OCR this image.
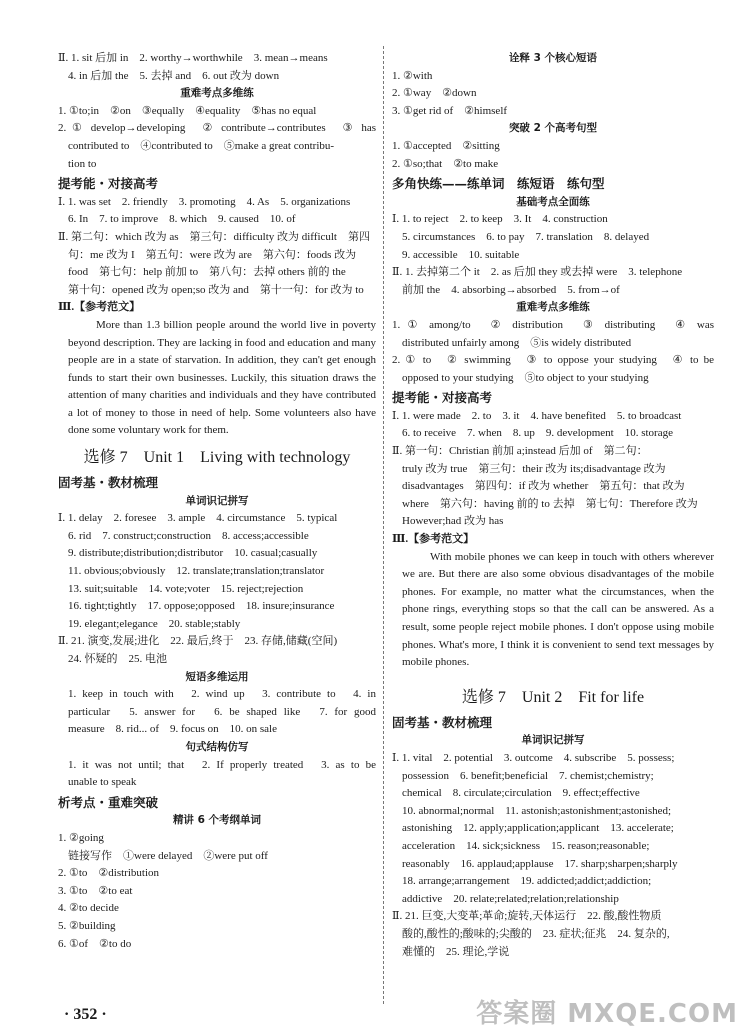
Ⅱ. 1. sit 后加 in　2. worthy→worthwhile　3. mean→means
4. in 后加 the　5. 去掉 and　6. out 改为 down
重难考点多维练
1. ①to;in　②on　③equally　④equality　⑤has no equal
2. ① develop→developing　② contribute→contributes　③ has
contributed to　④contributed to　⑤make a great contribu-
tion to
提考能・对接高考
Ⅰ. 1. was set　2. friendly　3. promoting　4. As　5. organizations
6. In　7. to improve　8. which　9. caused　10. of
Ⅱ. 第二句：which 改为 as　第三句：difficulty 改为 difficult　第四
句：me 改为 I　第五句：were 改为 are　第六句：foods 改为
food　第七句：help 前加 to　第八句：去掉 others 前的 the
第十句：opened 改为 open;so 改为 and　第十一句：for 改为 to
Ⅲ.【参考范文】
More than 1.3 billion people around the world live in poverty beyond description. They are lacking in food and education and many people are in a state of starvation. In addition, they can't get enough funds to start their own businesses. Luckily, this situation draws the attention of many charities and individuals and they have contributed a lot of money to those in need of help. Some volunteers also have done some voluntary work for them.
选修 7　Unit 1　Living with technology
固考基・教材梳理
单词识记拼写
Ⅰ. 1. delay　2. foresee　3. ample　4. circumstance　5. typical
6. rid　7. construct;construction　8. access;accessible
9. distribute;distribution;distributor　10. casual;casually
11. obvious;obviously　12. translate;translation;translator
13. suit;suitable　14. vote;voter　15. reject;rejection
16. tight;tightly　17. oppose;opposed　18. insure;insurance
19. elegant;elegance　20. stable;stably
Ⅱ. 21. 演变,发展;进化　22. 最后,终于　23. 存储,储藏(空间)
24. 怀疑的　25. 电池
短语多维运用
1. keep in touch with　2. wind up　3. contribute to　4. in
particular　5. answer for　6. be shaped like　7. for good
measure　8. rid... of　9. focus on　10. on sale
句式结构仿写
1. it was not until; that　2. If properly treated　3. as to be
unable to speak
析考点・重难突破
精讲 6 个考纲单词
1. ②going
链接写作　①were delayed　②were put off
2. ①to　②distribution
3. ①to　②to eat
4. ②to decide
5. ②building
6. ①of　②to do
诠释 3 个核心短语
1. ②with
2. ①way　②down
3. ①get rid of　②himself
突破 2 个高考句型
1. ①accepted　②sitting
2. ①so;that　②to make
多角快练——练单词　练短语　练句型
基础考点全面练
Ⅰ. 1. to reject　2. to keep　3. It　4. construction
5. circumstances　6. to pay　7. translation　8. delayed
9. accessible　10. suitable
Ⅱ. 1. 去掉第二个 it　2. as 后加 they 或去掉 were　3. telephone
前加 the　4. absorbing→absorbed　5. from→of
重难考点多维练
1. ① among/to　② distribution　③ distributing　④ was
distributed unfairly among　⑤is widely distributed
2. ① to　② swimming　③ to oppose your studying　④ to be
opposed to your studying　⑤to object to your studying
提考能・对接高考
Ⅰ. 1. were made　2. to　3. it　4. have benefited　5. to broadcast
6. to receive　7. when　8. up　9. development　10. storage
Ⅱ. 第一句：Christian 前加 a;instead 后加 of　第二句：
truly 改为 true　第三句：their 改为 its;disadvantage 改为
disadvantages　第四句：if 改为 whether　第五句：that 改为
where　第六句：having 前的 to 去掉　第七句：Therefore 改为
However;had 改为 has
Ⅲ.【参考范文】
With mobile phones we can keep in touch with others wherever we are. But there are also some obvious disadvantages of the mobile phones. For example, no matter what the circumstances, when the phone rings, everything stops so that the call can be answered. As a result, some people reject mobile phones. I don't oppose using mobile phones. What's more, I think it is convenient to send text messages by mobile phones.
选修 7　Unit 2　Fit for life
固考基・教材梳理
单词识记拼写
Ⅰ. 1. vital　2. potential　3. outcome　4. subscribe　5. possess;
possession　6. benefit;beneficial　7. chemist;chemistry;
chemical　8. circulate;circulation　9. effect;effective
10. abnormal;normal　11. astonish;astonishment;astonished;
astonishing　12. apply;application;applicant　13. accelerate;
acceleration　14. sick;sickness　15. reason;reasonable;
reasonably　16. applaud;applause　17. sharp;sharpen;sharply
18. arrange;arrangement　19. addicted;addict;addiction;
addictive　20. relate;related;relation;relationship
Ⅱ. 21. 巨变,大变革;革命;旋转,天体运行　22. 酸,酸性物质
酸的,酸性的;酸味的;尖酸的　23. 症状;征兆　24. 复杂的,
难懂的　25. 理论,学说
· 352 ·	答案圈 MXQE.COM
